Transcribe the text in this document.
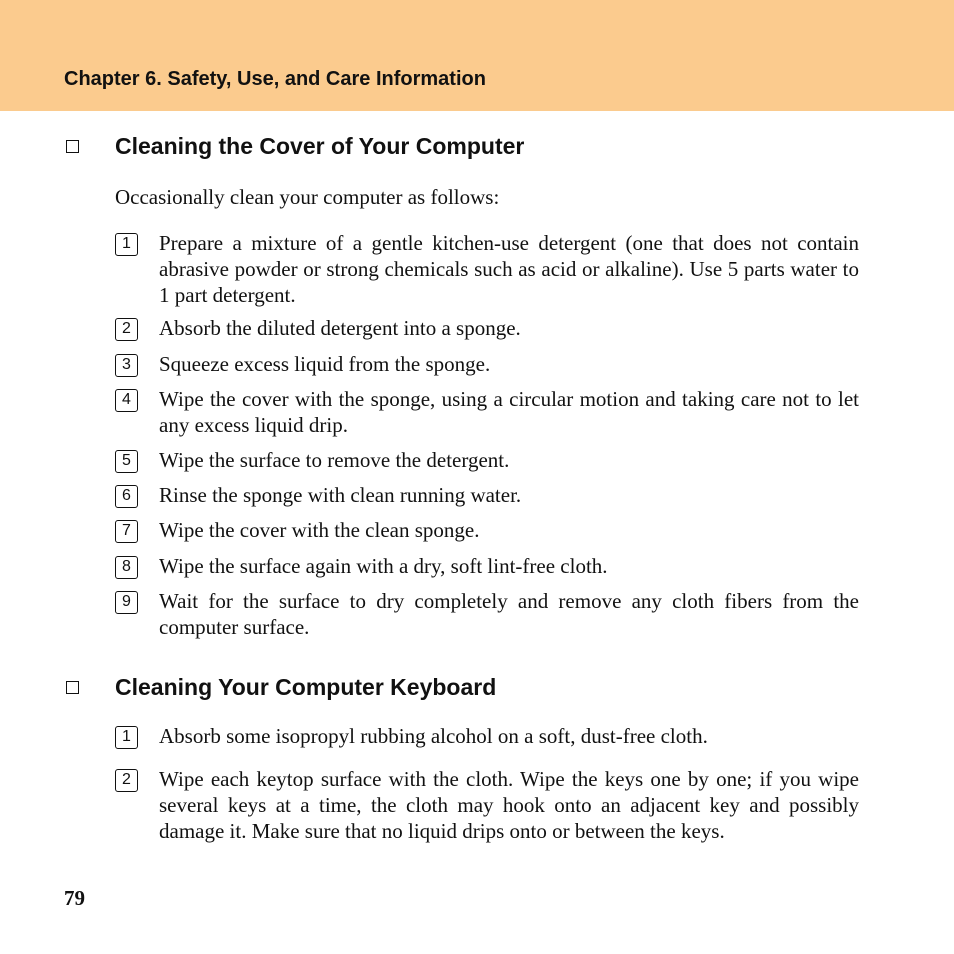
Chapter 6. Safety, Use, and Care Information
Cleaning the Cover of Your Computer
Occasionally clean your computer as follows:
1	Prepare a mixture of a gentle kitchen-use detergent (one that does not contain abrasive powder or strong chemicals such as acid or alkaline). Use 5 parts water to 1 part detergent.
2	Absorb the diluted detergent into a sponge.
3	Squeeze excess liquid from the sponge.
4	Wipe the cover with the sponge, using a circular motion and taking care not to let any excess liquid drip.
5	Wipe the surface to remove the detergent.
6	Rinse the sponge with clean running water.
7	Wipe the cover with the clean sponge.
8	Wipe the surface again with a dry, soft lint-free cloth.
9	Wait for the surface to dry completely and remove any cloth fibers from the computer surface.
Cleaning Your Computer Keyboard
1	Absorb some isopropyl rubbing alcohol on a soft, dust-free cloth.
2	Wipe each keytop surface with the cloth. Wipe the keys one by one; if you wipe several keys at a time, the cloth may hook onto an adjacent key and possibly damage it. Make sure that no liquid drips onto or between the keys.
79
